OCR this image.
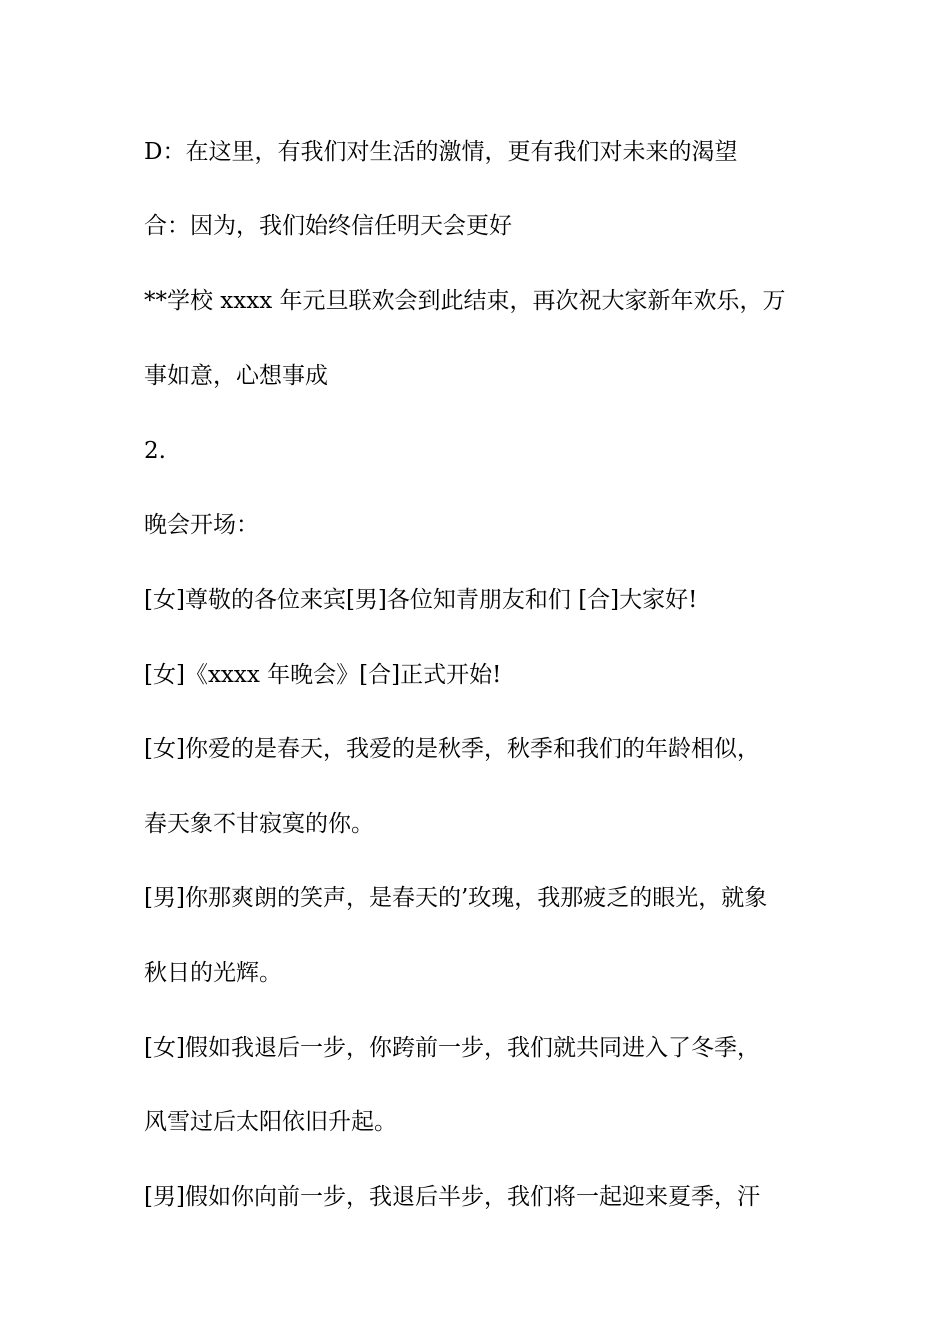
D：在这里，有我们对生活的激情，更有我们对未来的渴望

合：因为，我们始终信任明天会更好

**学校 xxxx 年元旦联欢会到此结束，再次祝大家新年欢乐，万

事如意，心想事成

2.

晚会开场：

[女]尊敬的各位来宾[男]各位知青朋友和们 [合]大家好!

[女]《xxxx 年晚会》[合]正式开始!

[女]你爱的是春天，我爱的是秋季，秋季和我们的年龄相似，

春天象不甘寂寞的你。

[男]你那爽朗的笑声，是春天的’玫瑰，我那疲乏的眼光，就象

秋日的光辉。

[女]假如我退后一步，你跨前一步，我们就共同进入了冬季，

风雪过后太阳依旧升起。

[男]假如你向前一步，我退后半步，我们将一起迎来夏季，汗
